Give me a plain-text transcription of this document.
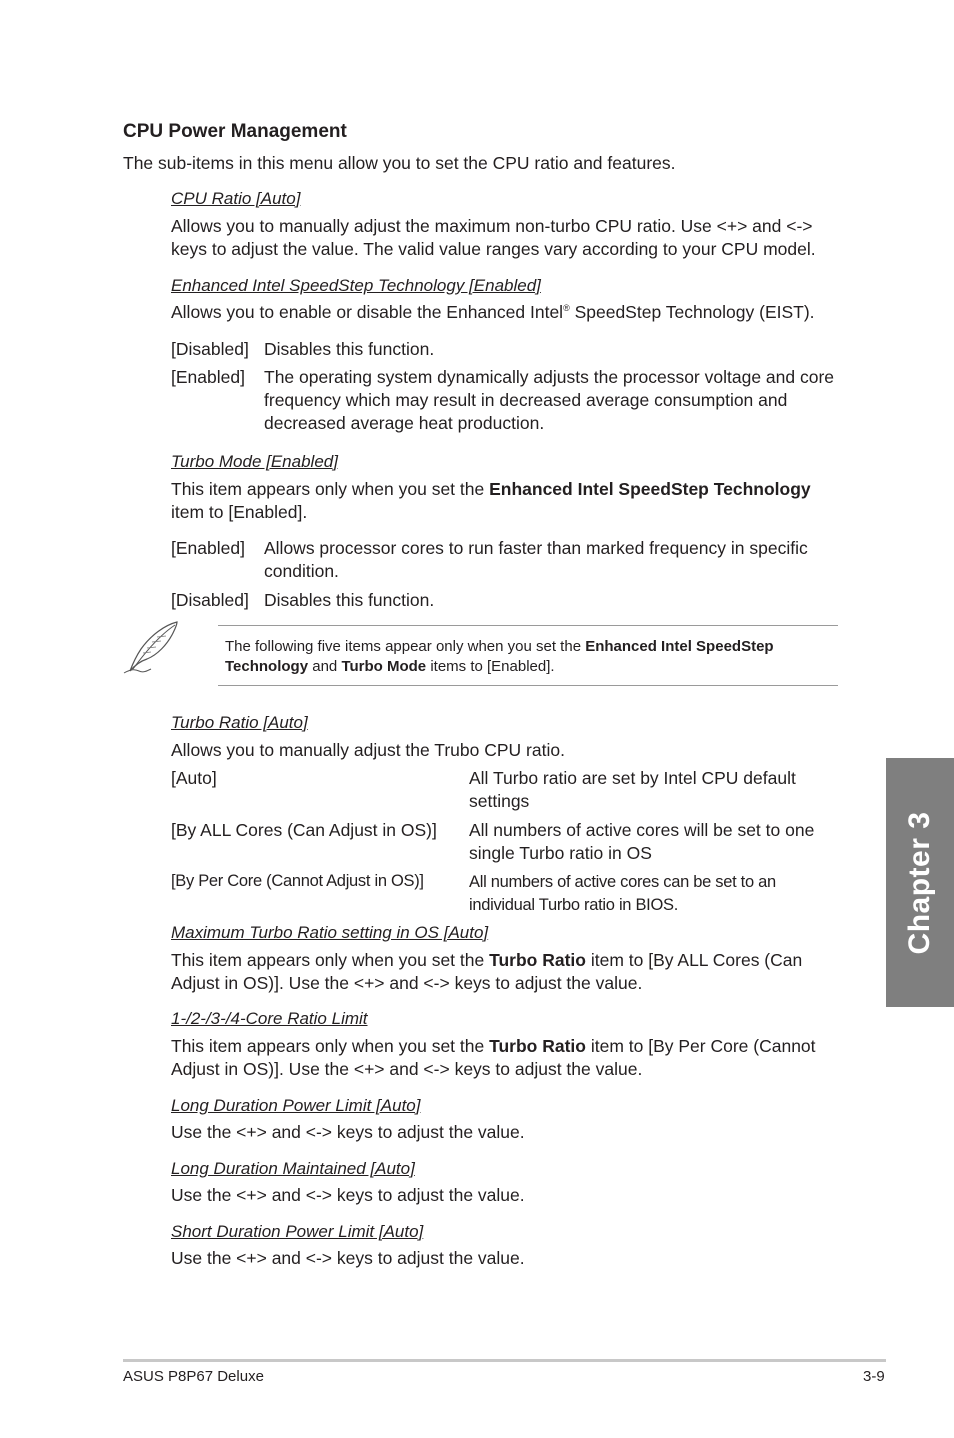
CPU Power Management
The sub-items in this menu allow you to set the CPU ratio and features.
CPU Ratio [Auto]
Allows you to manually adjust the maximum non-turbo CPU ratio. Use <+> and <-> keys to adjust the value. The valid value ranges vary according to your CPU model.
Enhanced Intel SpeedStep Technology [Enabled]
Allows you to enable or disable the Enhanced Intel® SpeedStep Technology (EIST).
[Disabled] Disables this function.
[Enabled] The operating system dynamically adjusts the processor voltage and core frequency which may result in decreased average consumption and decreased average heat production.
Turbo Mode [Enabled]
This item appears only when you set the Enhanced Intel SpeedStep Technology item to [Enabled].
[Enabled] Allows processor cores to run faster than marked frequency in specific condition.
[Disabled] Disables this function.
The following five items appear only when you set the Enhanced Intel SpeedStep Technology and Turbo Mode items to [Enabled].
Turbo Ratio [Auto]
Allows you to manually adjust the Trubo CPU ratio.
[Auto]	All Turbo ratio are set by Intel CPU default settings
[By ALL Cores (Can Adjust in OS)] All numbers of active cores will be set to one single Turbo ratio in OS
[By Per Core (Cannot Adjust in OS)]	All numbers of active cores can be set to an individual Turbo ratio in BIOS.
Maximum Turbo Ratio setting in OS [Auto]
This item appears only when you set the Turbo Ratio item to [By ALL Cores (Can Adjust in OS)]. Use the <+> and <-> keys to adjust the value.
1-/2-/3-/4-Core Ratio Limit
This item appears only when you set the Turbo Ratio item to [By Per Core (Cannot Adjust in OS)]. Use the <+> and <-> keys to adjust the value.
Long Duration Power Limit [Auto]
Use the <+> and <-> keys to adjust the value.
Long Duration Maintained [Auto]
Use the <+> and <-> keys to adjust the value.
Short Duration Power Limit [Auto]
Use the <+> and <-> keys to adjust the value.
Chapter 3
ASUS P8P67 Deluxe	3-9
